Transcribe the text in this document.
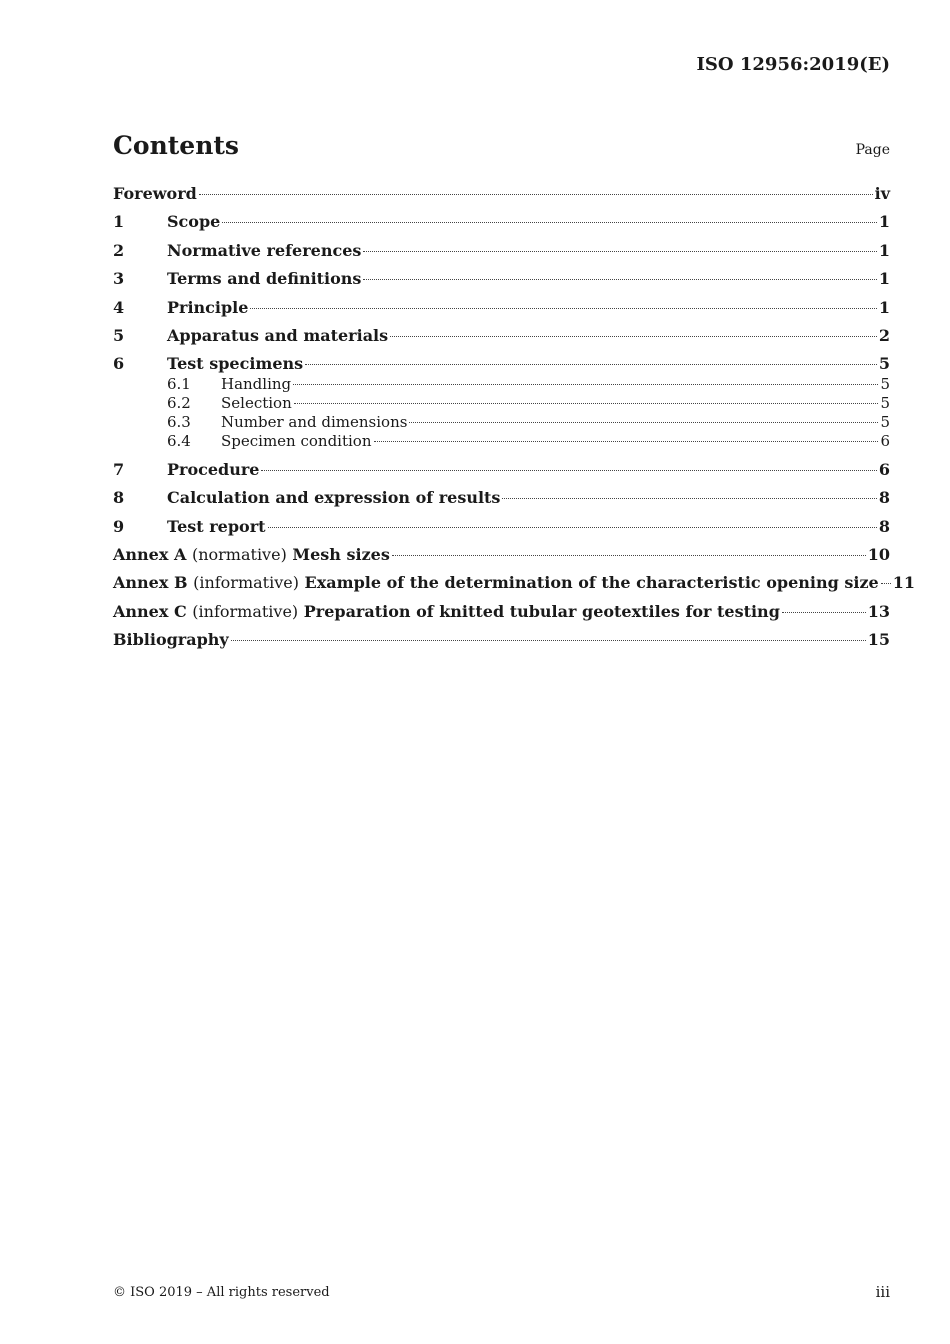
ISO 12956:2019(E)
Contents	Page
Foreword	iv
1	Scope	1
2	Normative references	1
3	Terms and definitions	1
4	Principle	1
5	Apparatus and materials	2
6	Test specimens	5
6.1	Handling	5
6.2	Selection	5
6.3	Number and dimensions	5
6.4	Specimen condition	6
7	Procedure	6
8	Calculation and expression of results	8
9	Test report	8
Annex A (normative) Mesh sizes	10
Annex B (informative) Example of the determination of the characteristic opening size 11
Annex C (informative) Preparation of knitted tubular geotextiles for testing	13
Bibliography	15
© ISO 2019 – All rights reserved	iii
